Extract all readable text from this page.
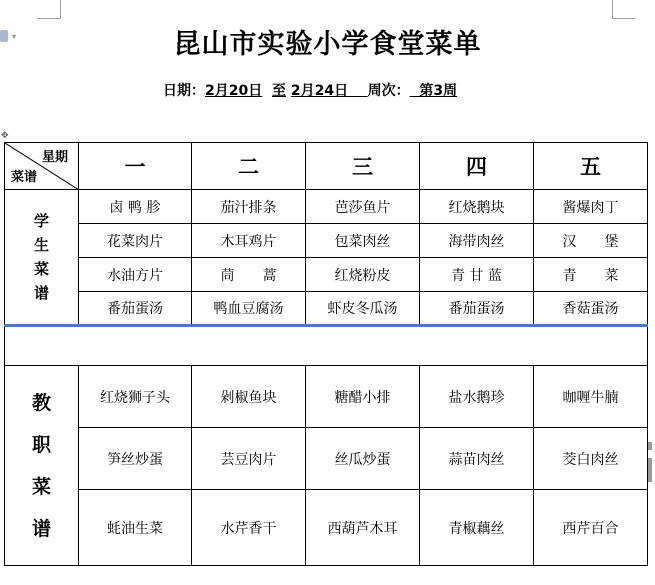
▾
✥
昆山市实验小学食堂菜单
日期：2月20日 至 2月24日 周次： 第3周
星期
菜谱	一	二	三	四	五

学
生
菜
谱	卤 鸭 胗	茄汁排条	芭莎鱼片	红烧鹅块	酱爆肉丁
	花菜肉片	木耳鸡片	包菜肉丝	海带肉丝	汉　　堡
	水油方片	茼　　蒿	红烧粉皮	青 甘 蓝	青　　菜
	番茄蛋汤	鸭血豆腐汤	虾皮冬瓜汤	番茄蛋汤	香菇蛋汤

教
职
菜
谱	红烧狮子头	剁椒鱼块	糖醋小排	盐水鹅珍	咖喱牛腩
	笋丝炒蛋	芸豆肉片	丝瓜炒蛋	蒜苗肉丝	茭白肉丝
	蚝油生菜	水芹香干	西葫芦木耳	青椒藕丝	西芹百合
